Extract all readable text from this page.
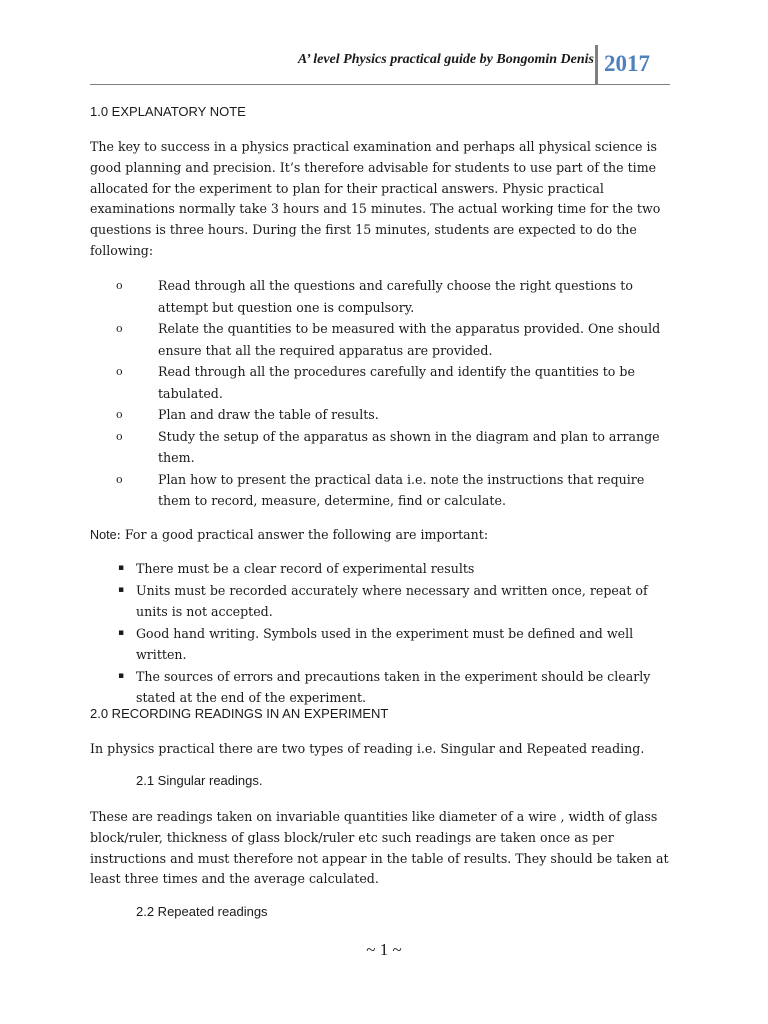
A’ level Physics practical guide by Bongomin Denis 2017
1.0 EXPLANATORY NOTE
The key to success in a physics practical examination and perhaps all physical science is good planning and precision. It’s therefore advisable for students to use part of the time allocated for the experiment to plan for their practical answers. Physic practical examinations normally take 3 hours and 15 minutes. The actual working time for the two questions is three hours. During the first 15 minutes, students are expected to do the following:
o	Read through all the questions and carefully choose the right questions to attempt but question one is compulsory.
o	Relate the quantities to be measured with the apparatus provided. One should ensure that all the required apparatus are provided.
o	Read through all the procedures carefully and identify the quantities to be tabulated.
o	Plan and draw the table of results.
o	Study the setup of the apparatus as shown in the diagram and plan to arrange them.
o	Plan how to present the practical data i.e. note the instructions that require them to record, measure, determine, find or calculate.
Note: For a good practical answer the following are important:
▪ There must be a clear record of experimental results
▪ Units must be recorded accurately where necessary and written once, repeat of units is not accepted.
▪ Good hand writing. Symbols used in the experiment must be defined and well written.
▪ The sources of errors and precautions taken in the experiment should be clearly stated at the end of the experiment.
2.0 RECORDING READINGS IN AN EXPERIMENT
In physics practical there are two types of reading i.e. Singular and Repeated reading.
2.1 Singular readings.
These are readings taken on invariable quantities like diameter of a wire , width of glass block/ruler, thickness of glass block/ruler etc such readings are taken once as per instructions and must therefore not appear in the table of results. They should be taken at least three times and the average calculated.
2.2 Repeated readings
~ 1 ~
